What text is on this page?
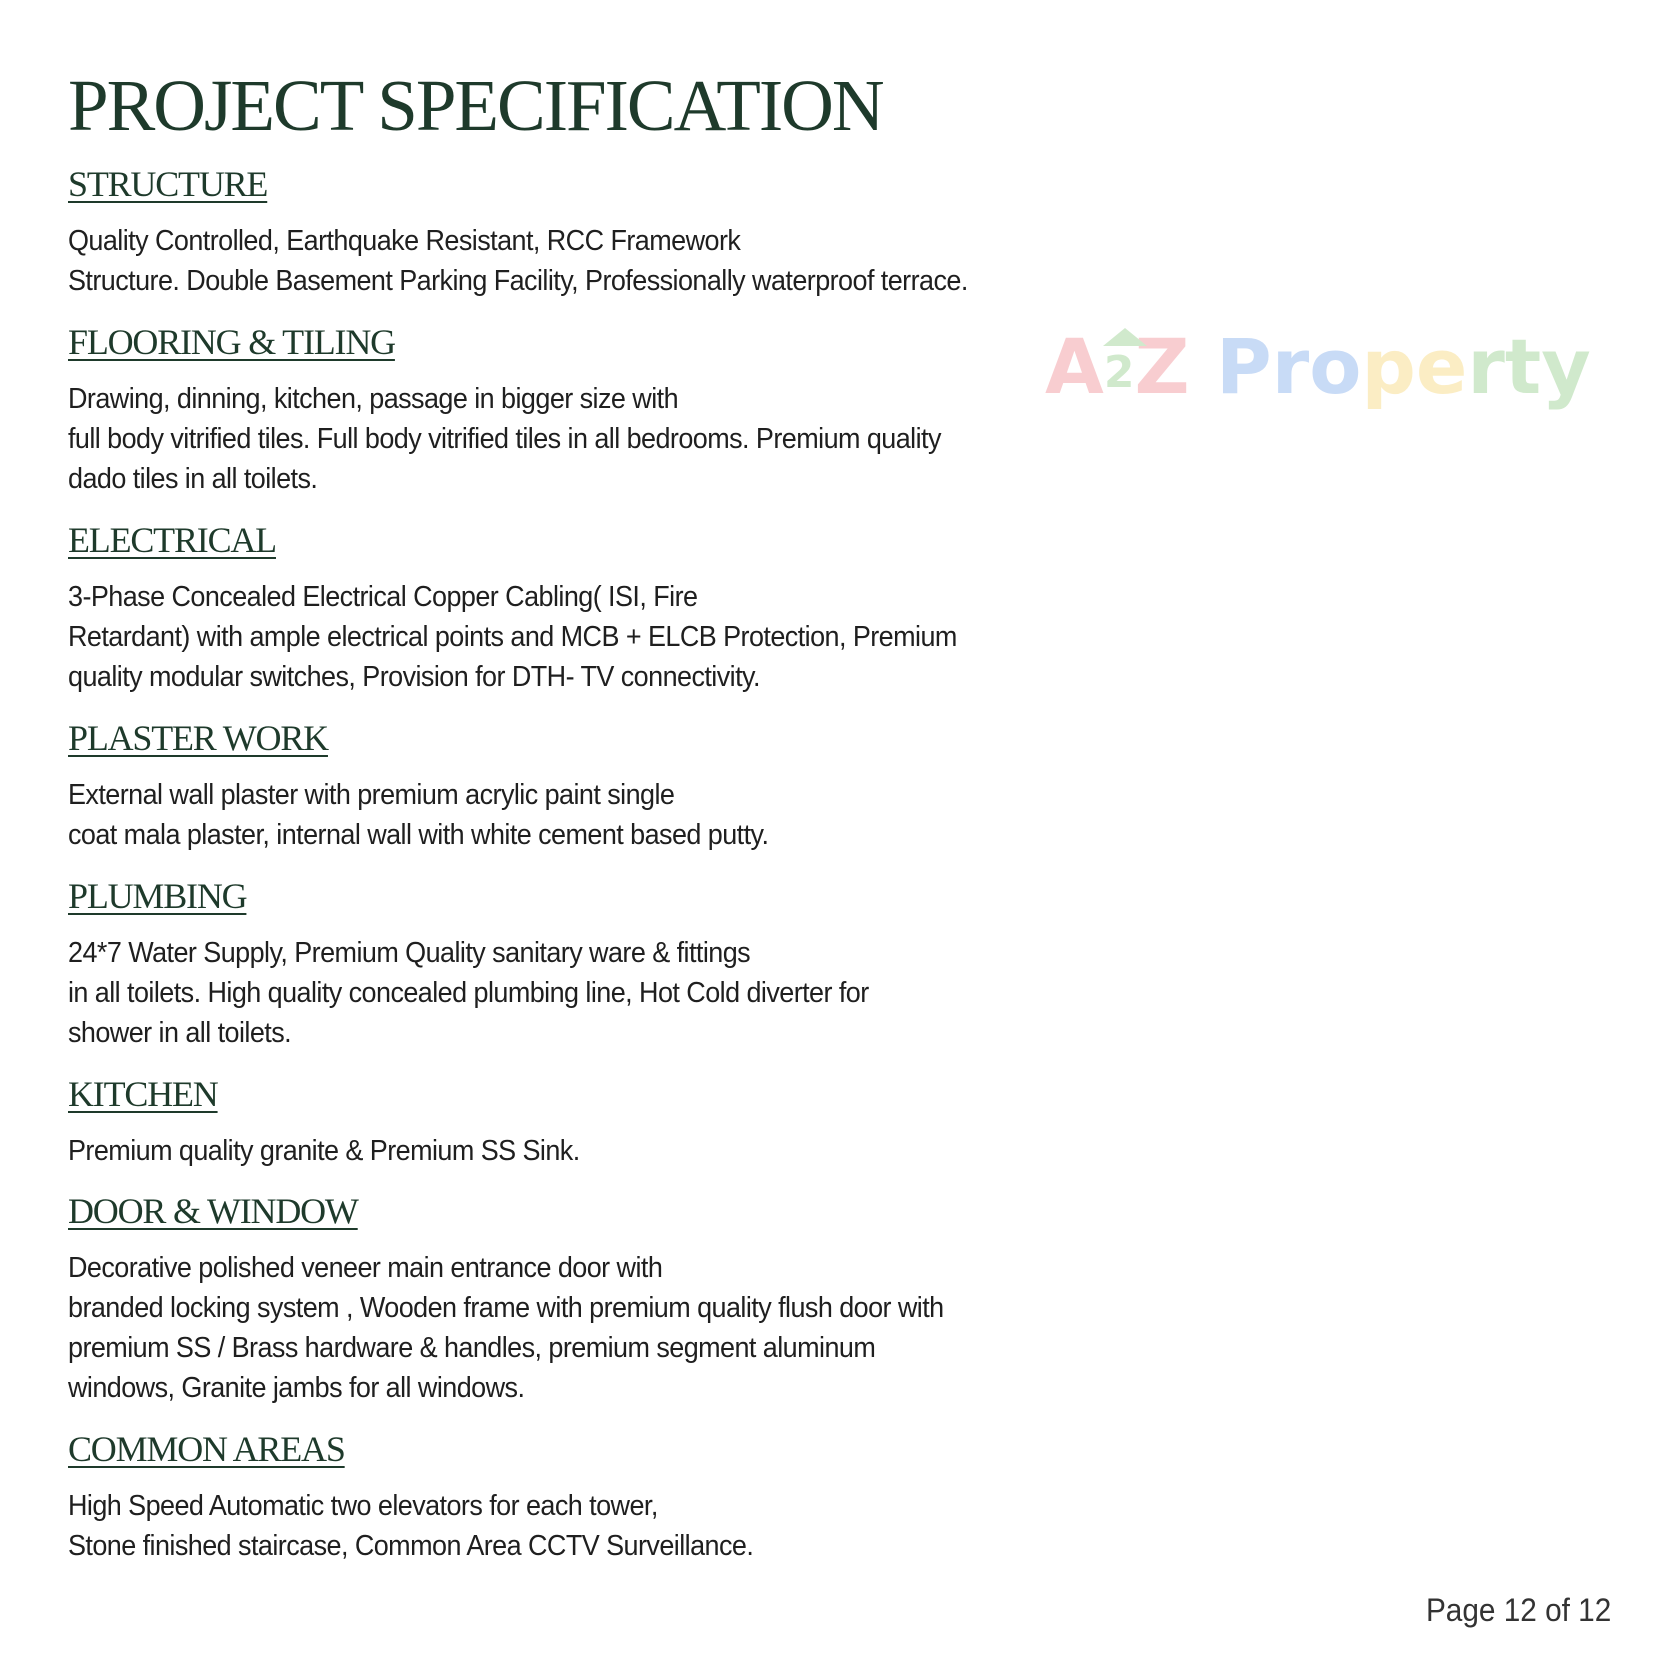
A2Z Property
PROJECT SPECIFICATION
STRUCTURE

Quality Controlled, Earthquake Resistant, RCC Framework
Structure. Double Basement Parking Facility, Professionally waterproof terrace.

FLOORING & TILING

Drawing, dinning, kitchen, passage in bigger size with
full body vitrified tiles. Full body vitrified tiles in all bedrooms. Premium quality
dado tiles in all toilets.

ELECTRICAL

3-Phase Concealed Electrical Copper Cabling( ISI, Fire
Retardant) with ample electrical points and MCB + ELCB Protection, Premium
quality modular switches, Provision for DTH- TV connectivity.

PLASTER WORK

External wall plaster with premium acrylic paint single
coat mala plaster, internal wall with white cement based putty.

PLUMBING

24*7 Water Supply, Premium Quality sanitary ware & fittings
in all toilets. High quality concealed plumbing line, Hot Cold diverter for
shower in all toilets.

KITCHEN

Premium quality granite & Premium SS Sink.

DOOR & WINDOW

Decorative polished veneer main entrance door with
branded locking system , Wooden frame with premium quality flush door with
premium SS / Brass hardware & handles, premium segment aluminum
windows, Granite jambs for all windows.

COMMON AREAS

High Speed Automatic two elevators for each tower,
Stone finished staircase, Common Area CCTV Surveillance.

Page 12 of 12
